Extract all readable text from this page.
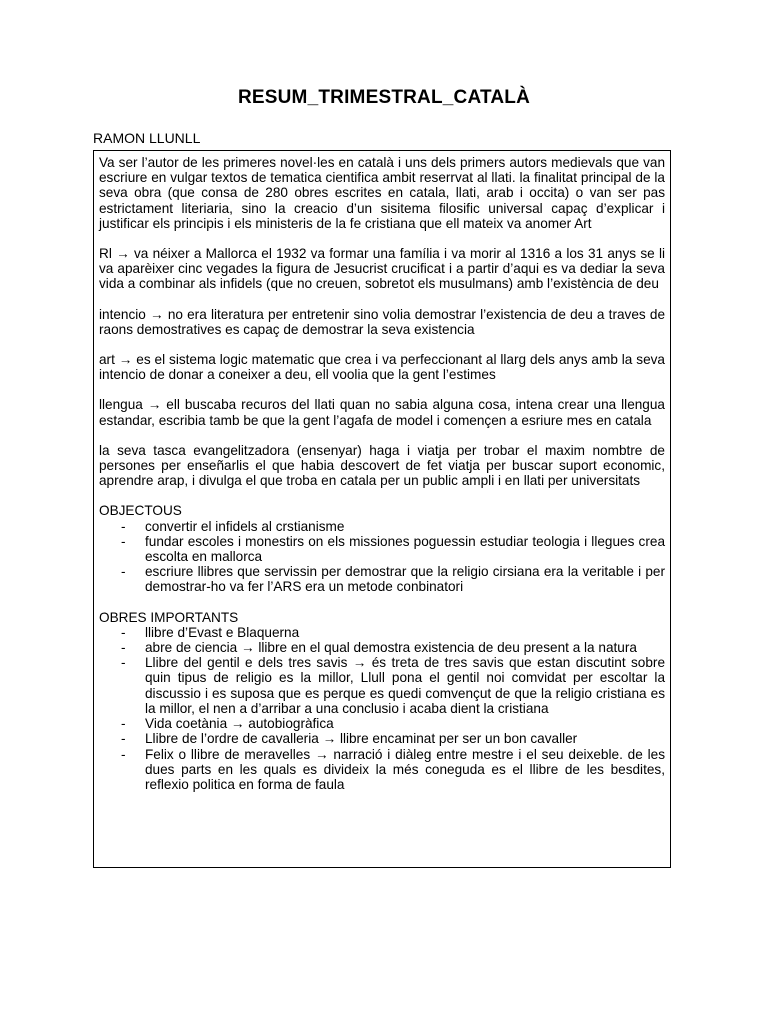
RESUM_TRIMESTRAL_CATALÀ
RAMON LLUNLL

Va ser l’autor de les primeres novel·les en català i uns dels primers autors medievals que van escriure en vulgar textos de tematica cientifica ambit reserrvat al llati. la finalitat principal de la seva obra (que consa de 280 obres escrites en catala, llati, arab i occita) o van ser pas estrictament literiaria, sino la creacio d’un sisitema filosific universal capaç d’explicar i justificar els principis i els ministeris de la fe cristiana que ell mateix va anomer Art

Rl → va néixer a Mallorca el 1932 va formar una família i va morir al 1316 a los 31 anys se li va aparèixer cinc vegades la figura de Jesucrist crucificat i a partir d’aqui es va dediar la seva vida a combinar als infidels (que no creuen, sobretot els musulmans) amb l’existència de deu

intencio → no era literatura per entretenir sino volia demostrar l’existencia de deu a traves de raons demostratives es capaç de demostrar la seva existencia

art → es el sistema logic matematic que crea i va perfeccionant al llarg dels anys amb la seva intencio de donar a coneixer a deu, ell voolia que la gent l’estimes

llengua → ell buscaba recuros del llati quan no sabia alguna cosa, intena crear una llengua estandar, escribia tamb be que la gent l’agafa de model i començen a esriure mes en catala

la seva tasca evangelitzadora (ensenyar) haga i viatja per trobar el maxim nombtre de persones per enseñarlis el que habia descovert de fet viatja per buscar suport economic, aprendre arap, i divulga el que troba en catala per un public ampli i en llati per universitats

OBJECTOUS

- convertir el infidels al crstianisme
- fundar escoles i monestirs on els missiones poguessin estudiar teologia i llegues crea escolta en mallorca
- escriure llibres que servissin per demostrar que la religio cirsiana era la veritable i per demostrar-ho va fer l’ARS era un metode conbinatori

OBRES IMPORTANTS

- llibre d’Evast e Blaquerna
- abre de ciencia → llibre en el qual demostra existencia de deu present a la natura
- Llibre del gentil e dels tres savis → és treta de tres savis que estan discutint sobre quin tipus de religio es la millor, Llull pona el gentil noi comvidat per escoltar la discussio i es suposa que es perque es quedi comvençut de que la religio cristiana es la millor, el nen a d’arribar a una conclusio i acaba dient la cristiana
- Vida coetània → autobiogràfica
- Llibre de l’ordre de cavalleria → llibre encaminat per ser un bon cavaller
- Felix o llibre de meravelles → narració i diàleg entre mestre i el seu deixeble. de les dues parts en les quals es divideix la més coneguda es el llibre de les besdites, reflexio politica en forma de faula
